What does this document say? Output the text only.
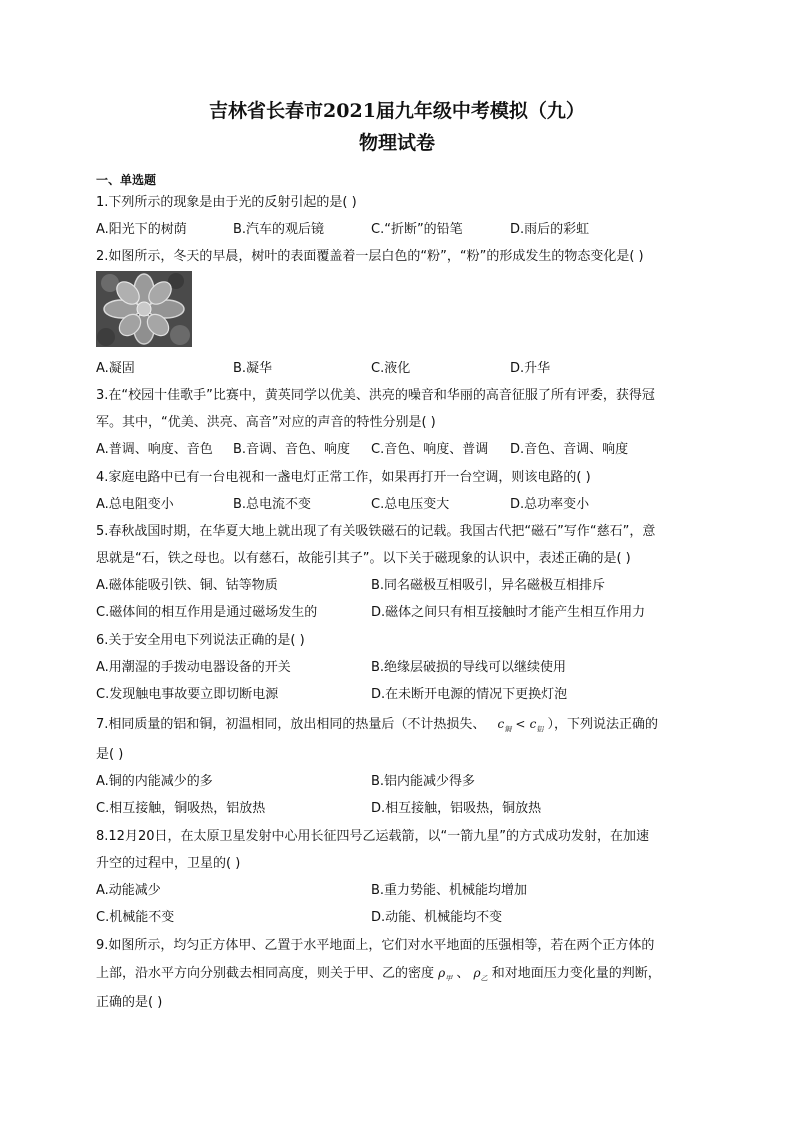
吉林省长春市2021届九年级中考模拟（九）
物理试卷
一、单选题
1.下列所示的现象是由于光的反射引起的是( )
A.阳光下的树荫	B.汽车的观后镜	C.“折断”的铅笔	D.雨后的彩虹
2.如图所示，冬天的早晨，树叶的表面覆盖着一层白色的“粉”，“粉”的形成发生的物态变化是( )
A.凝固	B.凝华	C.液化	D.升华
3.在“校园十佳歌手”比赛中，黄英同学以优美、洪亮的噪音和华丽的高音征服了所有评委，获得冠
军。其中，“优美、洪亮、高音”对应的声音的特性分别是( )
A.普调、响度、音色 B.音调、音色、响度 C.音色、响度、普调 D.音色、音调、响度
4.家庭电路中已有一台电视和一盏电灯正常工作，如果再打开一台空调，则该电路的( )
A.总电阻变小	B.总电流不变	C.总电压变大	D.总功率变小
5.春秋战国时期，在华夏大地上就出现了有关吸铁磁石的记载。我国古代把“磁石”写作“慈石”，意
思就是“石，铁之母也。以有慈石，故能引其子”。以下关于磁现象的认识中，表述正确的是( )
A.磁体能吸引铁、铜、钴等物质	B.同名磁极互相吸引，异名磁极互相排斥
C.磁体间的相互作用是通过磁场发生的	D.磁体之间只有相互接触时才能产生相互作用力
6.关于安全用电下列说法正确的是( )
A.用潮湿的手拨动电器设备的开关	B.绝缘层破损的导线可以继续使用
C.发现触电事故要立即切断电源	D.在未断开电源的情况下更换灯泡
7.相同质量的铝和铜，初温相同，放出相同的热量后（不计热损失、 $c_铜 < c_铝$ ），下列说法正确的
是( )
A.铜的内能减少的多	B.铝内能减少得多
C.相互接触，铜吸热，铝放热	D.相互接触，铝吸热，铜放热
8.12月20日，在太原卫星发射中心用长征四号乙运载箭，以“一箭九星”的方式成功发射，在加速
升空的过程中，卫星的( )
A.动能减少	B.重力势能、机械能均增加
C.机械能不变	D.动能、机械能均不变
9.如图所示，均匀正方体甲、乙置于水平地面上，它们对水平地面的压强相等，若在两个正方体的
上部，沿水平方向分别截去相同高度，则关于甲、乙的密度 $\rho_甲$ 、 $\rho_乙$ 和对地面压力变化量的判断，
正确的是( )
